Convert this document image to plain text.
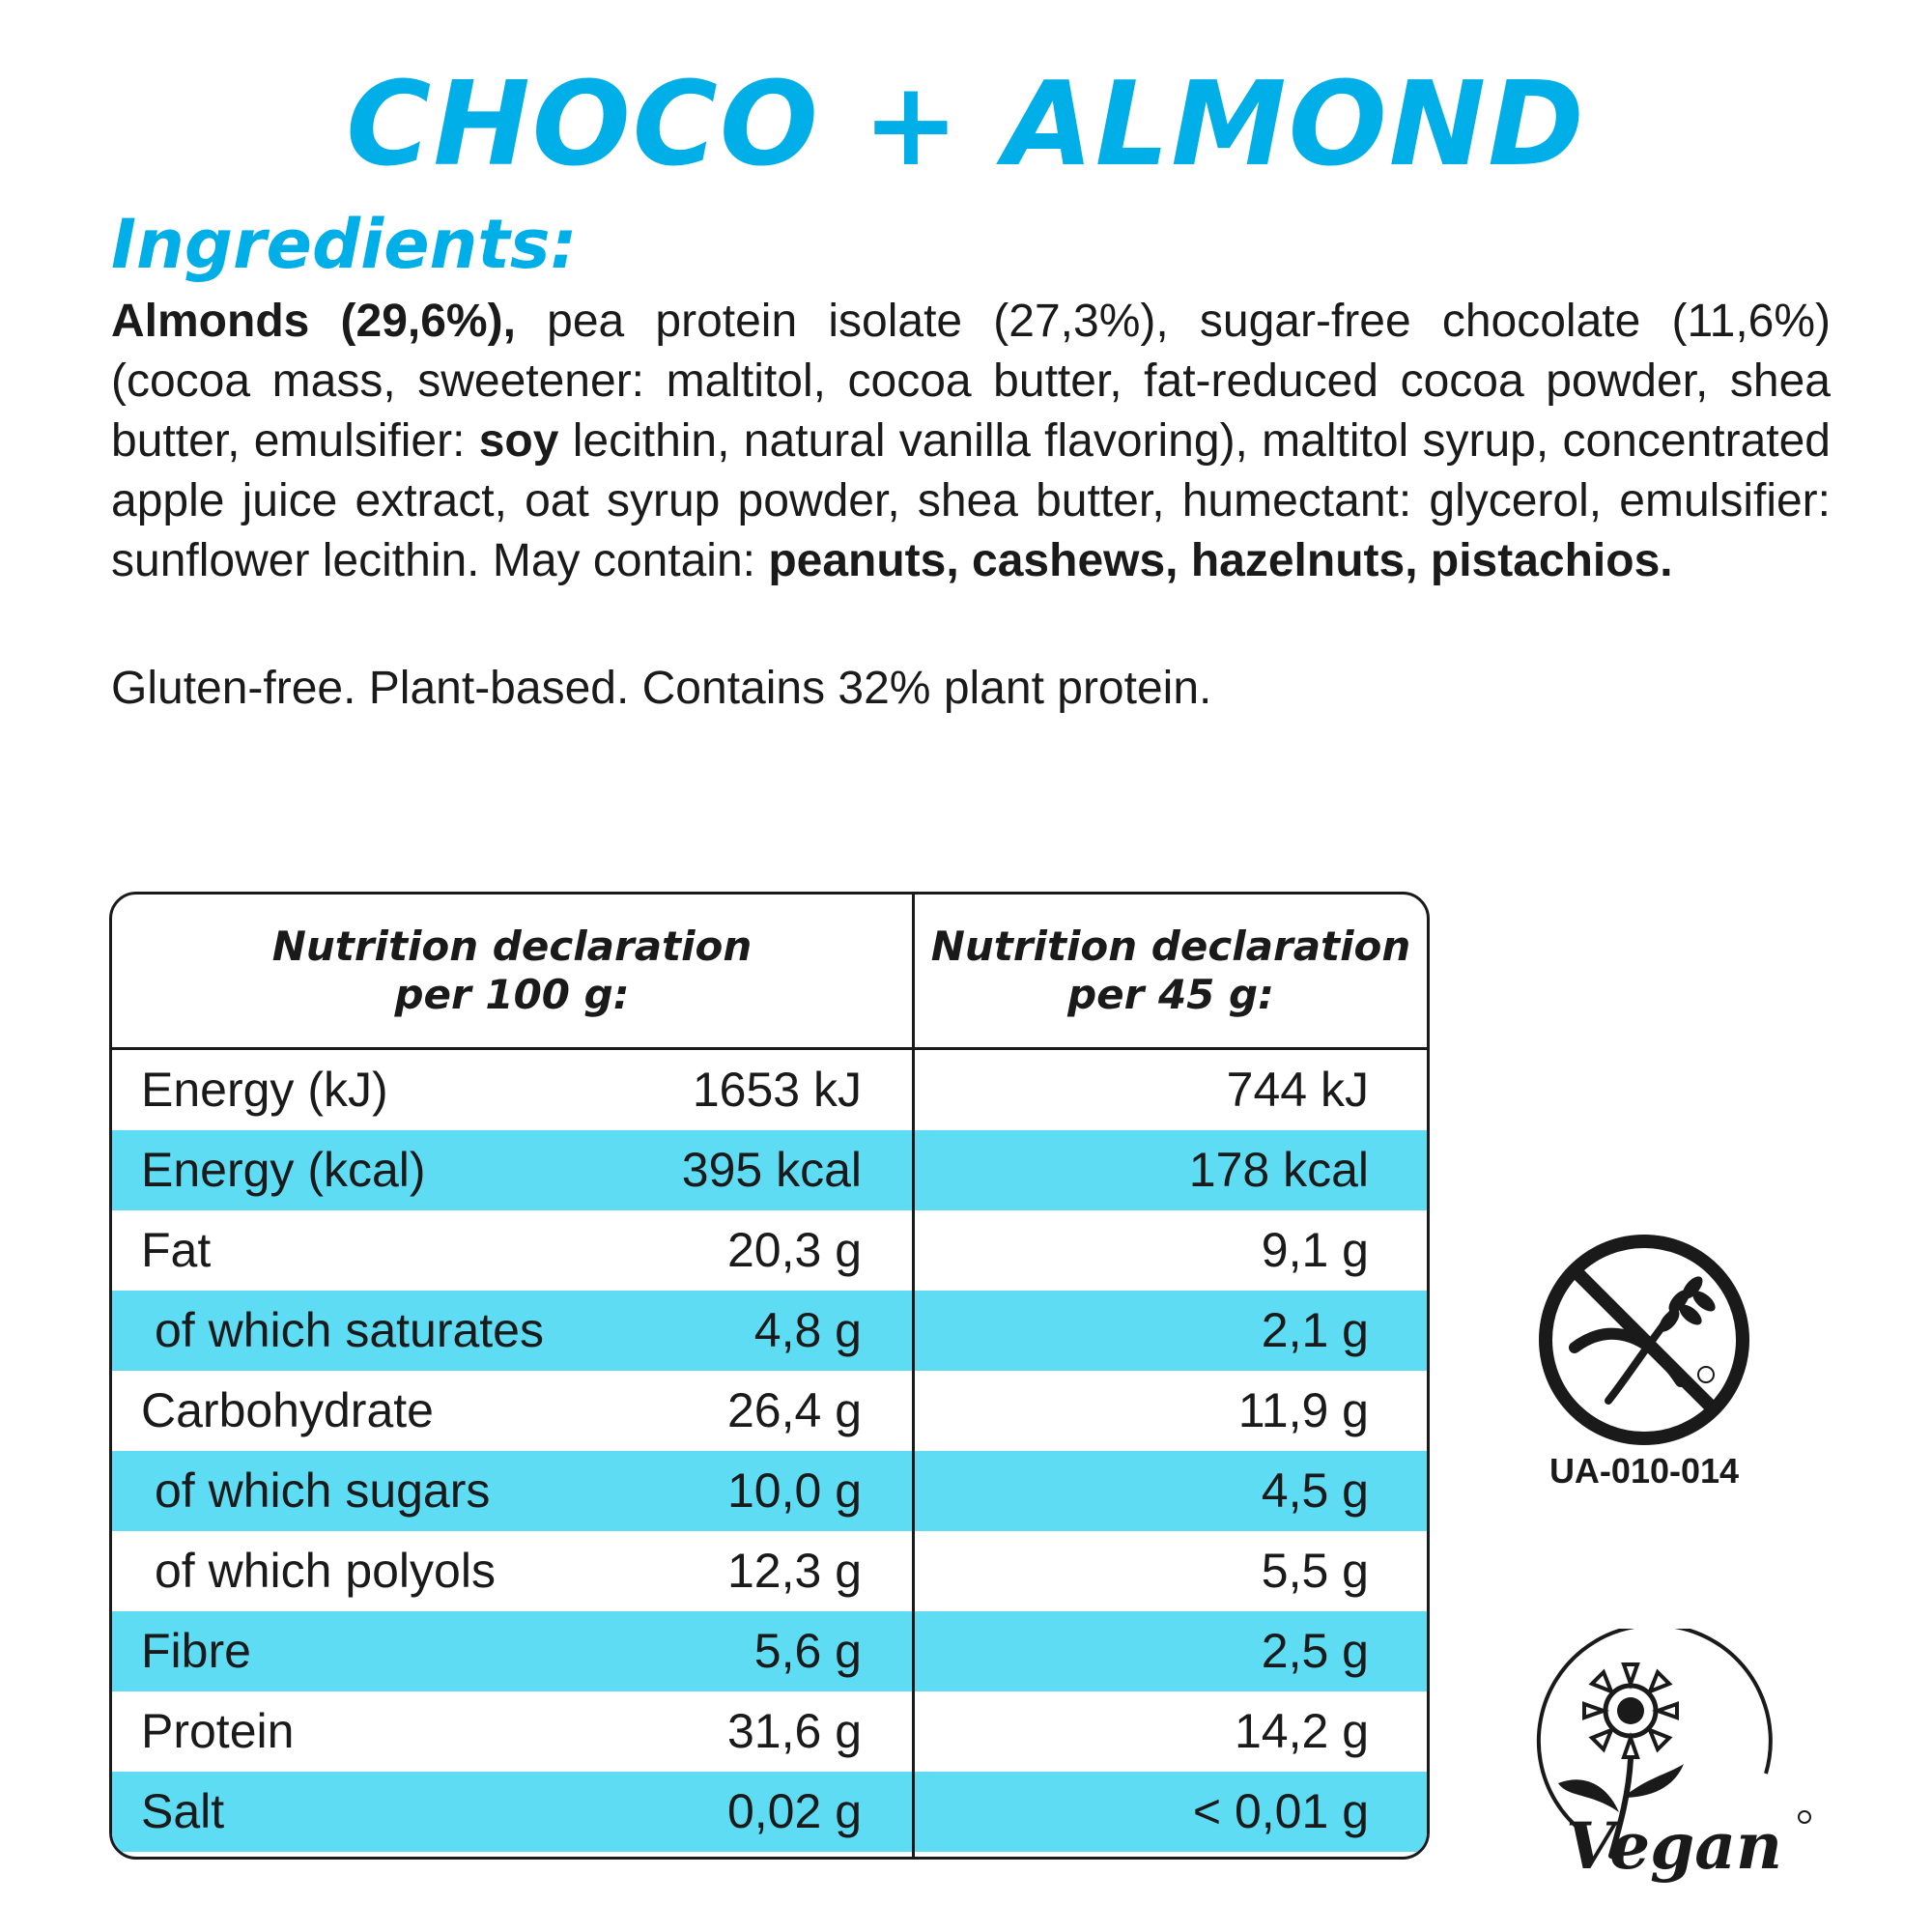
CHOCO + ALMOND
Ingredients:

Almonds (29,6%), pea protein isolate (27,3%), sugar-free chocolate (11,6%) (cocoa mass, sweetener: maltitol, cocoa butter, fat-reduced cocoa powder, shea butter, emulsifier: soy lecithin, natural vanilla flavoring), maltitol syrup, concentrated apple juice extract, oat syrup powder, shea butter, humectant: glycerol, emulsifier: sunflower lecithin. May contain: peanuts, cashews, hazelnuts, pistachios.

Gluten-free. Plant-based. Contains 32% plant protein.

Nutrition declaration per 100 g:
Nutrition declaration per 45 g:
Energy (kJ)	1653 kJ	744 kJ
Energy (kcal)	395 kcal	178 kcal
Fat	20,3 g	9,1 g
of which saturates	4,8 g	2,1 g
Carbohydrate	26,4 g	11,9 g
of which sugars	10,0 g	4,5 g
of which polyols	12,3 g	5,5 g
Fibre	5,6 g	2,5 g
Protein	31,6 g	14,2 g
Salt	0,02 g	< 0,01 g
UA-010-014
Vegan
